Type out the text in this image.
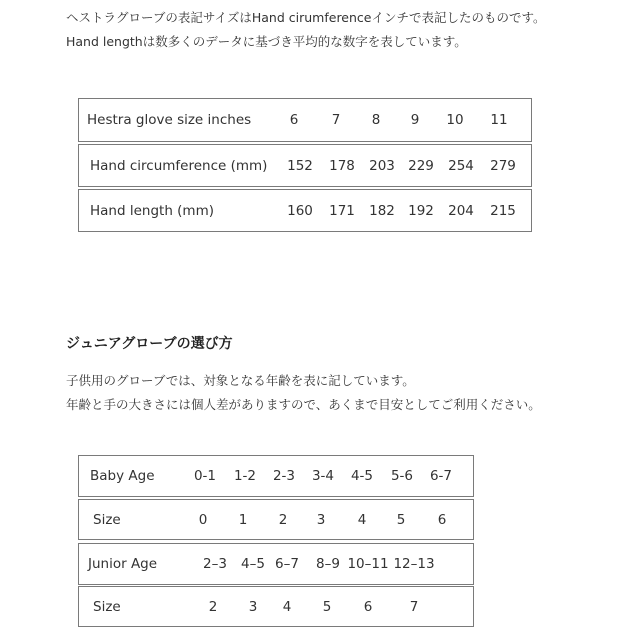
ヘストラグローブの表記サイズはHand cirumferenceインチで表記したのものです。
Hand lengthは数多くのデータに基づき平均的な数字を表しています。
Hestra glove size inches	6 7 8 9 10 11
Hand circumference (mm) 152 178 203 229 254 279
Hand length (mm)	160 171 182 192 204 215
ジュニアグローブの選び方
子供用のグローブでは、対象となる年齢を表に記しています。
年齢と手の大きさには個人差がありますので、あくまで目安としてご利用ください。
Baby Age	0-1 1-2 2-3 3-4 4-5 5-6 6-7
Size	0 1 2 3 4 5 6
Junior Age	2–3 4–5 6–7 8–9 10–11 12–13
Size	2 3 4 5 6	7
